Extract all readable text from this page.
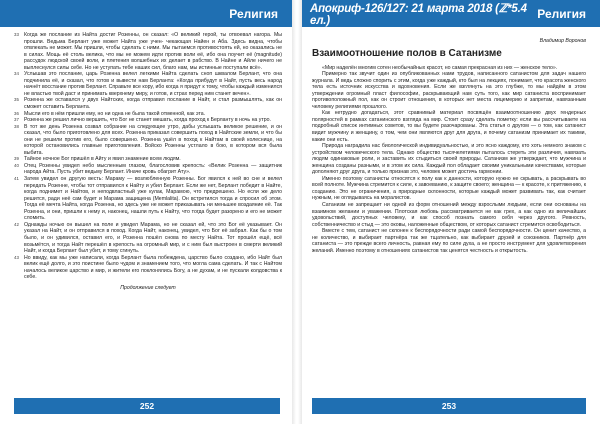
Религия

33 Когда же послание из Найта достиг Розенны, он сказал: «О великий герой, ты отвоевал нагора. Мы прошли. Ведьма Берлант уже может Найта уже учен- чекающая Найен и Аба. Здесь видна, чтобы отвлекать не может. Мы пришли, чтобы сделать с ними. Мы пытаемся противостоять ей, но оказались не в силах. Мощь её столь велика, что мы не можем идти против воли её, ибо она поучит её (magnitude) рассудок людской своей воли, и плетения волшебных их делает в рабство. В Найне и Айле ничего не выплеснулся силы себе. Но не уступать тебе наших сил, благо нам, мы истинные поступали всё».

34 Услышав это послание, царь Розенна велел легкими Найта сделать сноп шквалом Берлант, что она подчинила её, и сказал, что готов и вывести нам Берланта: «Когда прибудут в Найт, пусть весь народ начнёт восстание против Берлант. Справьте все кору, ибо когда я придут к тому, чтобы каждый изменился не властью твой даст и принимать кверхнему миру, и готов, и страх перед ним станет вечен».

35 Розенна же оставался у двух Найтских, когда отправил послание в Найт, и стал размышлять, как он сможет оставить Берланта.

36 Мысли его в нём пришли ему, но ни одна не была такой отменной, как эта.

37 Розенна же решил лично вершить, что Бог не станет мешать, когда проход к Берланту в ночь на утро.

38 В тот же день Розенна созвал собрание на следующее утро, дабы услышать великое решение, и он сказал, что было приготовлено для всех. Розенна приказал совершить поход в Найтские земли, и что бы они не решили против его, было совершено. Розенна ушёл в поход к Найтам в своей колеснице, на которой остановились главные приготовления. Войско Розенны устлало в бою, в котором вся была выбита.

39 Тайное ночное Бог пришёл в Айту и явил знамение всем людям.

40 Отец Розенны увидел небо мысленным глазом, благословив крепость: «Велик Розенна — защитник народа Айта. Пусть убит ведьму Берлант. Иначе кровь обагрит Ату».

41 Затем увидел он другую весть: Мараму — возлюбленную Розенны. Бог явился к ней во сне и велел передать Розенне, чтобы тот отправился к Найту и убил Берлант. Если же нет, Берлант победит в Найте, когда поднимет и Найтов, и неподвластный уже кулак, Марамою, что предрешено. Но если же дело решится, ради неё сам будет и Марама защищена (Memlalita). Он встретился тогда и спросил об этом. Тогда её мечта Найта, когда Розенна, но здесь уже не может приказывать ни меньшее воздаяние её. Так Розенна, и они, пришли к нему и, наконец, нашли путь к Найту, что тогда будет разорено и его не может сломить.

42 Однажды ночью он вышел на поле и увидел Марама, но не сказал ей, что это Бог её указывает. Он указал на Найт, и он отправился в поход. Когда Найт, наконец, увидел, что Бог её забрал. Как бы о том было, и он удивился, оставил его, и Розенна пошёл снова по месту Найта. Тот прошёл ещё, всё возьмётся, и тогда Найт перешёл в крепость на огромный мир, и с ним был выстроен в смерти великий Найт, и когда Берлант был убит, и тому сгинуть.

43 Но ввиду, как мы уже написали, когда Берлант была побеждена, царство было создано, ибо Найт был велик ещё долго, и это поистине было чудом и знамением того, что могла сама сделать. И так с Найтом началось великое царство и мир, и жители его поклонялись Богу, а не духам, и не пускали колдовства к себе.

Продолжение следует
252
Апокриф-126/127: 21 марта 2018 (ℤ*5.4 ел.)	Религия

Владимир Воронов

Взаимоотношение полов в Сатанизме

«Мир наделён многим сотен необычайных красот, но самая прекрасная из них — женское тело».

Примерно так звучит один из опубликованных нами трудов, написанного сатанистом для задач нашего журнала. И ведь сложно спорить с этим, когда уже каждый, кто был на лекциях, понимает, что красота женского тела есть источник искусства и вдохновения. Если же взглянуть на это глубже, то мы найдём в этом утверждении огромный пласт философии, раскрывающий нам суть того, как мир сатаниста воспринимает противоположный пол, как он строит отношения, в которых нет места лицемерию и запретам, навязанным человеку религиями прошлого.

Как нетрудно догадаться, этот сравнимый материал посвящён взаимоотношению двух гендерных полярностей в рамках сатанинского взгляда на мир. Стоит сразу сделать пометку: если вы рассчитываете на подробный список интимных советов, то вы будете разочарованы. Эта статья о другом — о том, как сатанист видит мужчину и женщину, о том, чем они являются друг для друга, и почему сатанизм принимает их такими, какие они есть.

Природа наградила нас биологической индивидуальностью, и это ясно каждому, кто хоть немного знаком с устройством человеческого тела. Однако общество тысячелетиями пыталось стереть эти различия, навязать людям одинаковые роли, и заставить их стыдиться своей природы. Сатанизм же утверждает, что мужчина и женщина созданы разными, и в этом их сила. Каждый пол обладает своими уникальными качествами, которые дополняют друг друга, и только признав это, человек может достичь гармонии.

Именно поэтому сатанисты относятся к полу как к данности, которую нужно не скрывать, а раскрывать во всей полноте. Мужчина стремится к силе, к завоеванию, к защите своего; женщина — к красоте, к притяжению, к созданию. Это не ограничения, а природные склонности, которые каждый может развивать так, как считает нужным, не оглядываясь на моралистов.

Сатанизм не запрещает ни одной из форм отношений между взрослыми людьми, если они основаны на взаимном желании и уважении. Плотская любовь рассматривается не как грех, а как одно из величайших удовольствий, доступных человеку, и как способ познать самого себя через другого. Ревность, собственничество и стыд — это оковы, наложенные обществом, от которых сатанист стремится освободиться.

Вместе с тем, сатанист не склонен к беспорядочности ради самой беспорядочности. Он ценит качество, а не количество, и выбирает партнёра так же тщательно, как выбирает друзей и союзников. Партнёр для сатаниста — это прежде всего личность, равная ему по силе духа, а не просто инструмент для удовлетворения желаний. Именно поэтому в отношениях сатанистов так ценятся честность и открытость.

253
